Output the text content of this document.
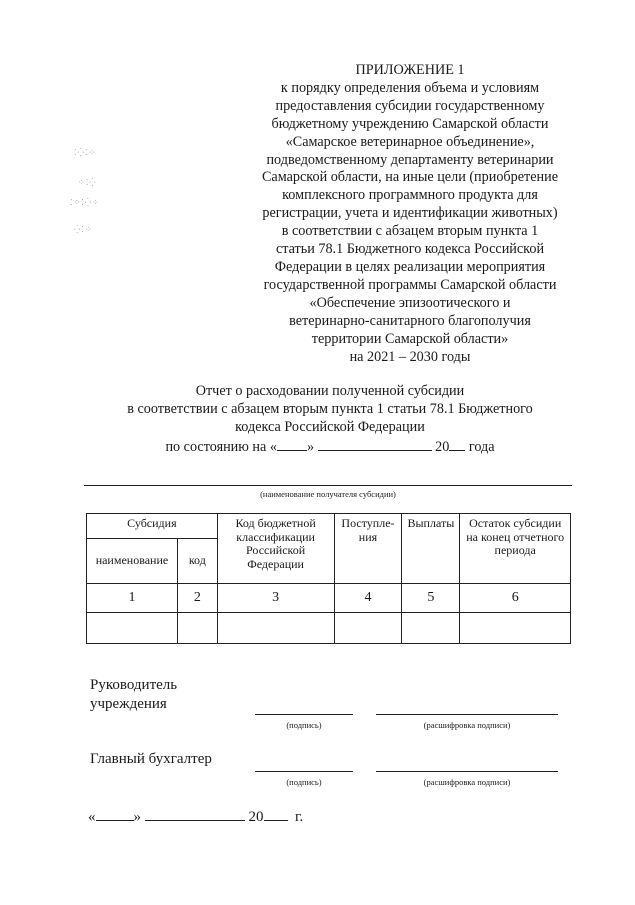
⁚⁛⁚⁘
⁘⁚⁛
⁚⁘⁚⁛⁘
⁛⁚⁘
ПРИЛОЖЕНИЕ 1
к порядку определения объема и условиям
предоставления субсидии государственному
бюджетному учреждению Самарской области
«Самарское ветеринарное объединение»,
подведомственному департаменту ветеринарии
Самарской области, на иные цели (приобретение
комплексного программного продукта для
регистрации, учета и идентификации животных)
в соответствии с абзацем вторым пункта 1
статьи 78.1 Бюджетного кодекса Российской
Федерации в целях реализации мероприятия
государственной программы Самарской области
«Обеспечение эпизоотического и
ветеринарно-санитарного благополучия
территории Самарской области»
на 2021 – 2030 годы
Отчет о расходовании полученной субсидии
в соответствии с абзацем вторым пункта 1 статьи 78.1 Бюджетного
кодекса Российской Федерации
по состоянию на « »	20 года
(наименование получателя субсидии)
Субсидия		Код бюджетной классификации Российской Федерации	Поступле-ния	Выплаты	Остаток субсидии на конец отчетного периода
наименование	код				
1	2	3	4	5	6

Руководитель
учреждения
(подпись)	(расшифровка подписи)
Главный бухгалтер
(подпись)	(расшифровка подписи)
«	»	20 г.
